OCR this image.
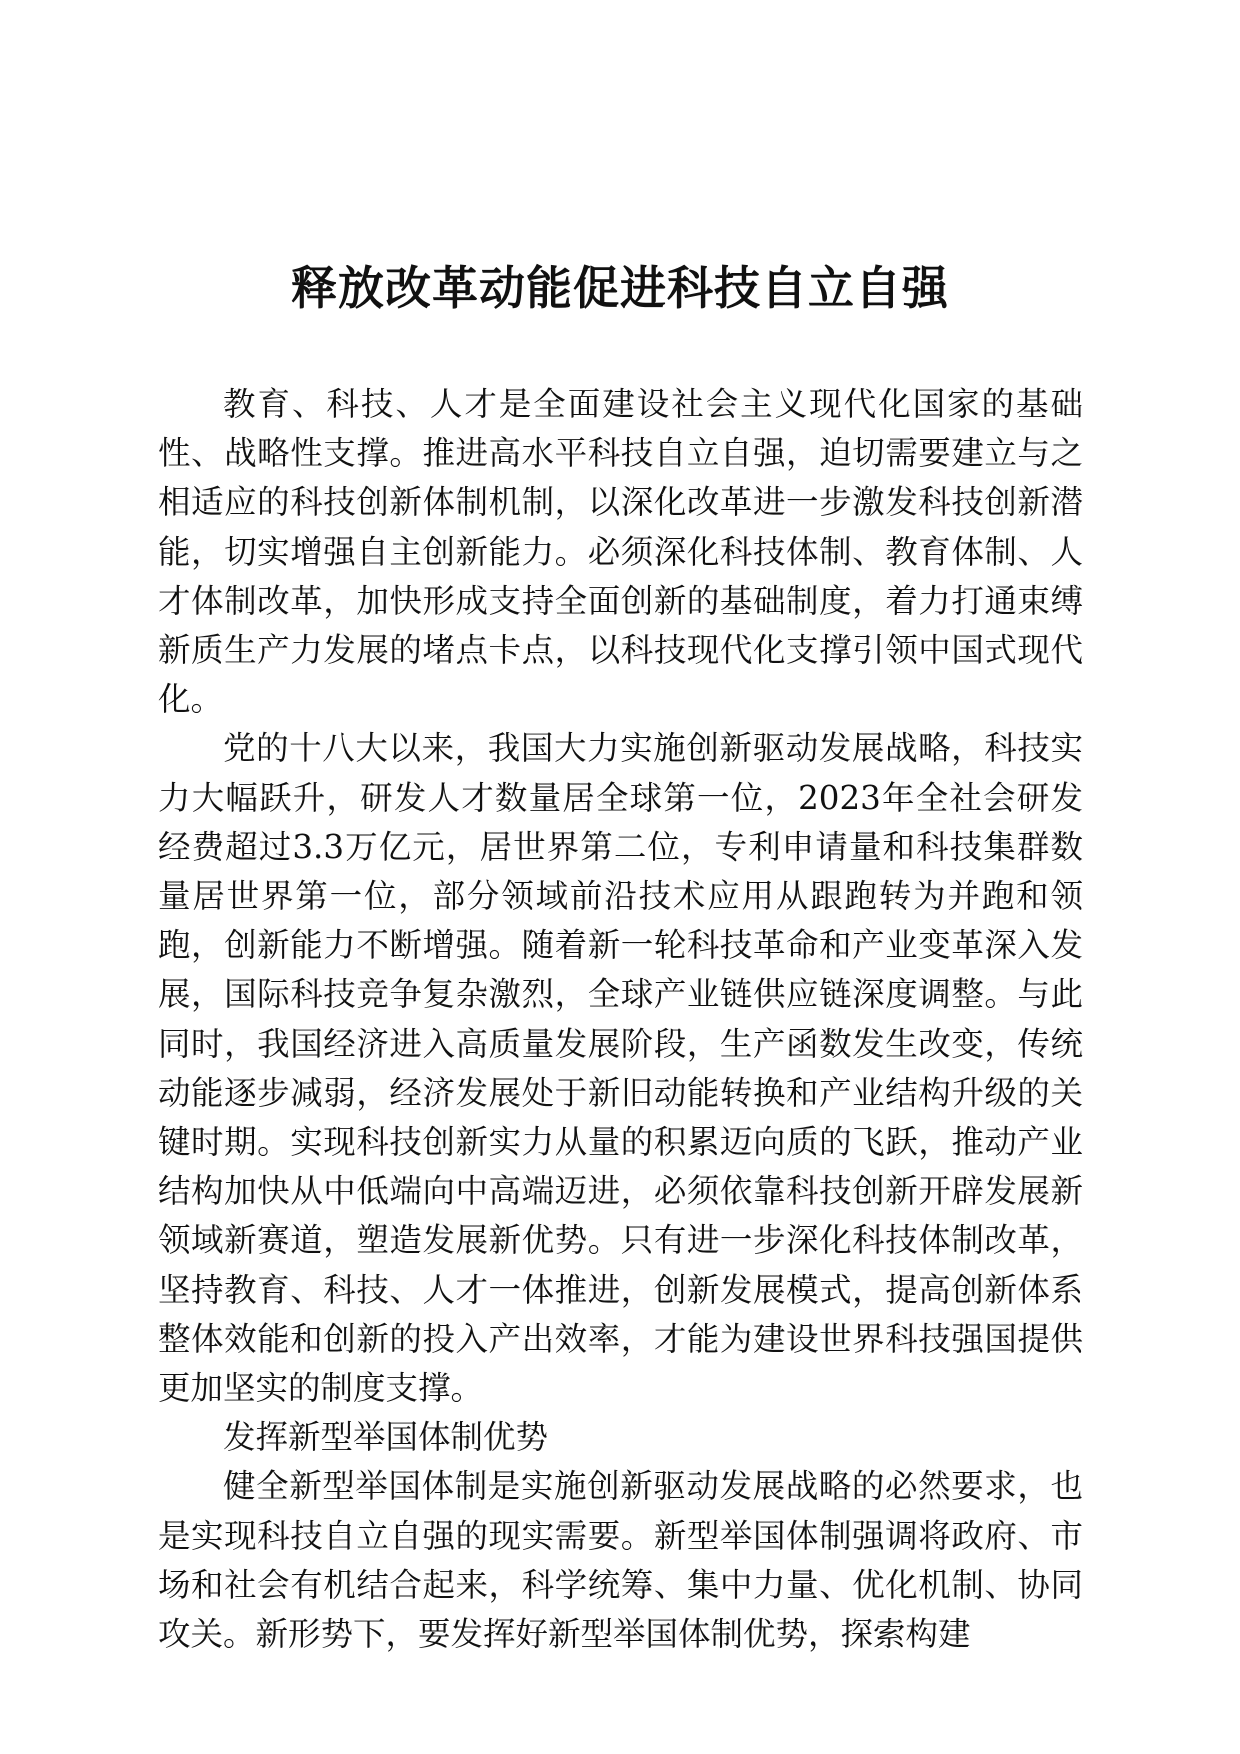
释放改革动能促进科技自立自强

教育、科技、人才是全面建设社会主义现代化国家的基础性、战略性支撑。推进高水平科技自立自强，迫切需要建立与之相适应的科技创新体制机制，以深化改革进一步激发科技创新潜能，切实增强自主创新能力。必须深化科技体制、教育体制、人才体制改革，加快形成支持全面创新的基础制度，着力打通束缚新质生产力发展的堵点卡点，以科技现代化支撑引领中国式现代化。

党的十八大以来，我国大力实施创新驱动发展战略，科技实力大幅跃升，研发人才数量居全球第一位，2023年全社会研发经费超过3.3万亿元，居世界第二位，专利申请量和科技集群数量居世界第一位，部分领域前沿技术应用从跟跑转为并跑和领跑，创新能力不断增强。随着新一轮科技革命和产业变革深入发展，国际科技竞争复杂激烈，全球产业链供应链深度调整。与此同时，我国经济进入高质量发展阶段，生产函数发生改变，传统动能逐步减弱，经济发展处于新旧动能转换和产业结构升级的关键时期。实现科技创新实力从量的积累迈向质的飞跃，推动产业结构加快从中低端向中高端迈进，必须依靠科技创新开辟发展新领域新赛道，塑造发展新优势。只有进一步深化科技体制改革，坚持教育、科技、人才一体推进，创新发展模式，提高创新体系整体效能和创新的投入产出效率，才能为建设世界科技强国提供更加坚实的制度支撑。

发挥新型举国体制优势

健全新型举国体制是实施创新驱动发展战略的必然要求，也是实现科技自立自强的现实需要。新型举国体制强调将政府、市场和社会有机结合起来，科学统筹、集中力量、优化机制、协同攻关。新形势下，要发挥好新型举国体制优势，探索构建
